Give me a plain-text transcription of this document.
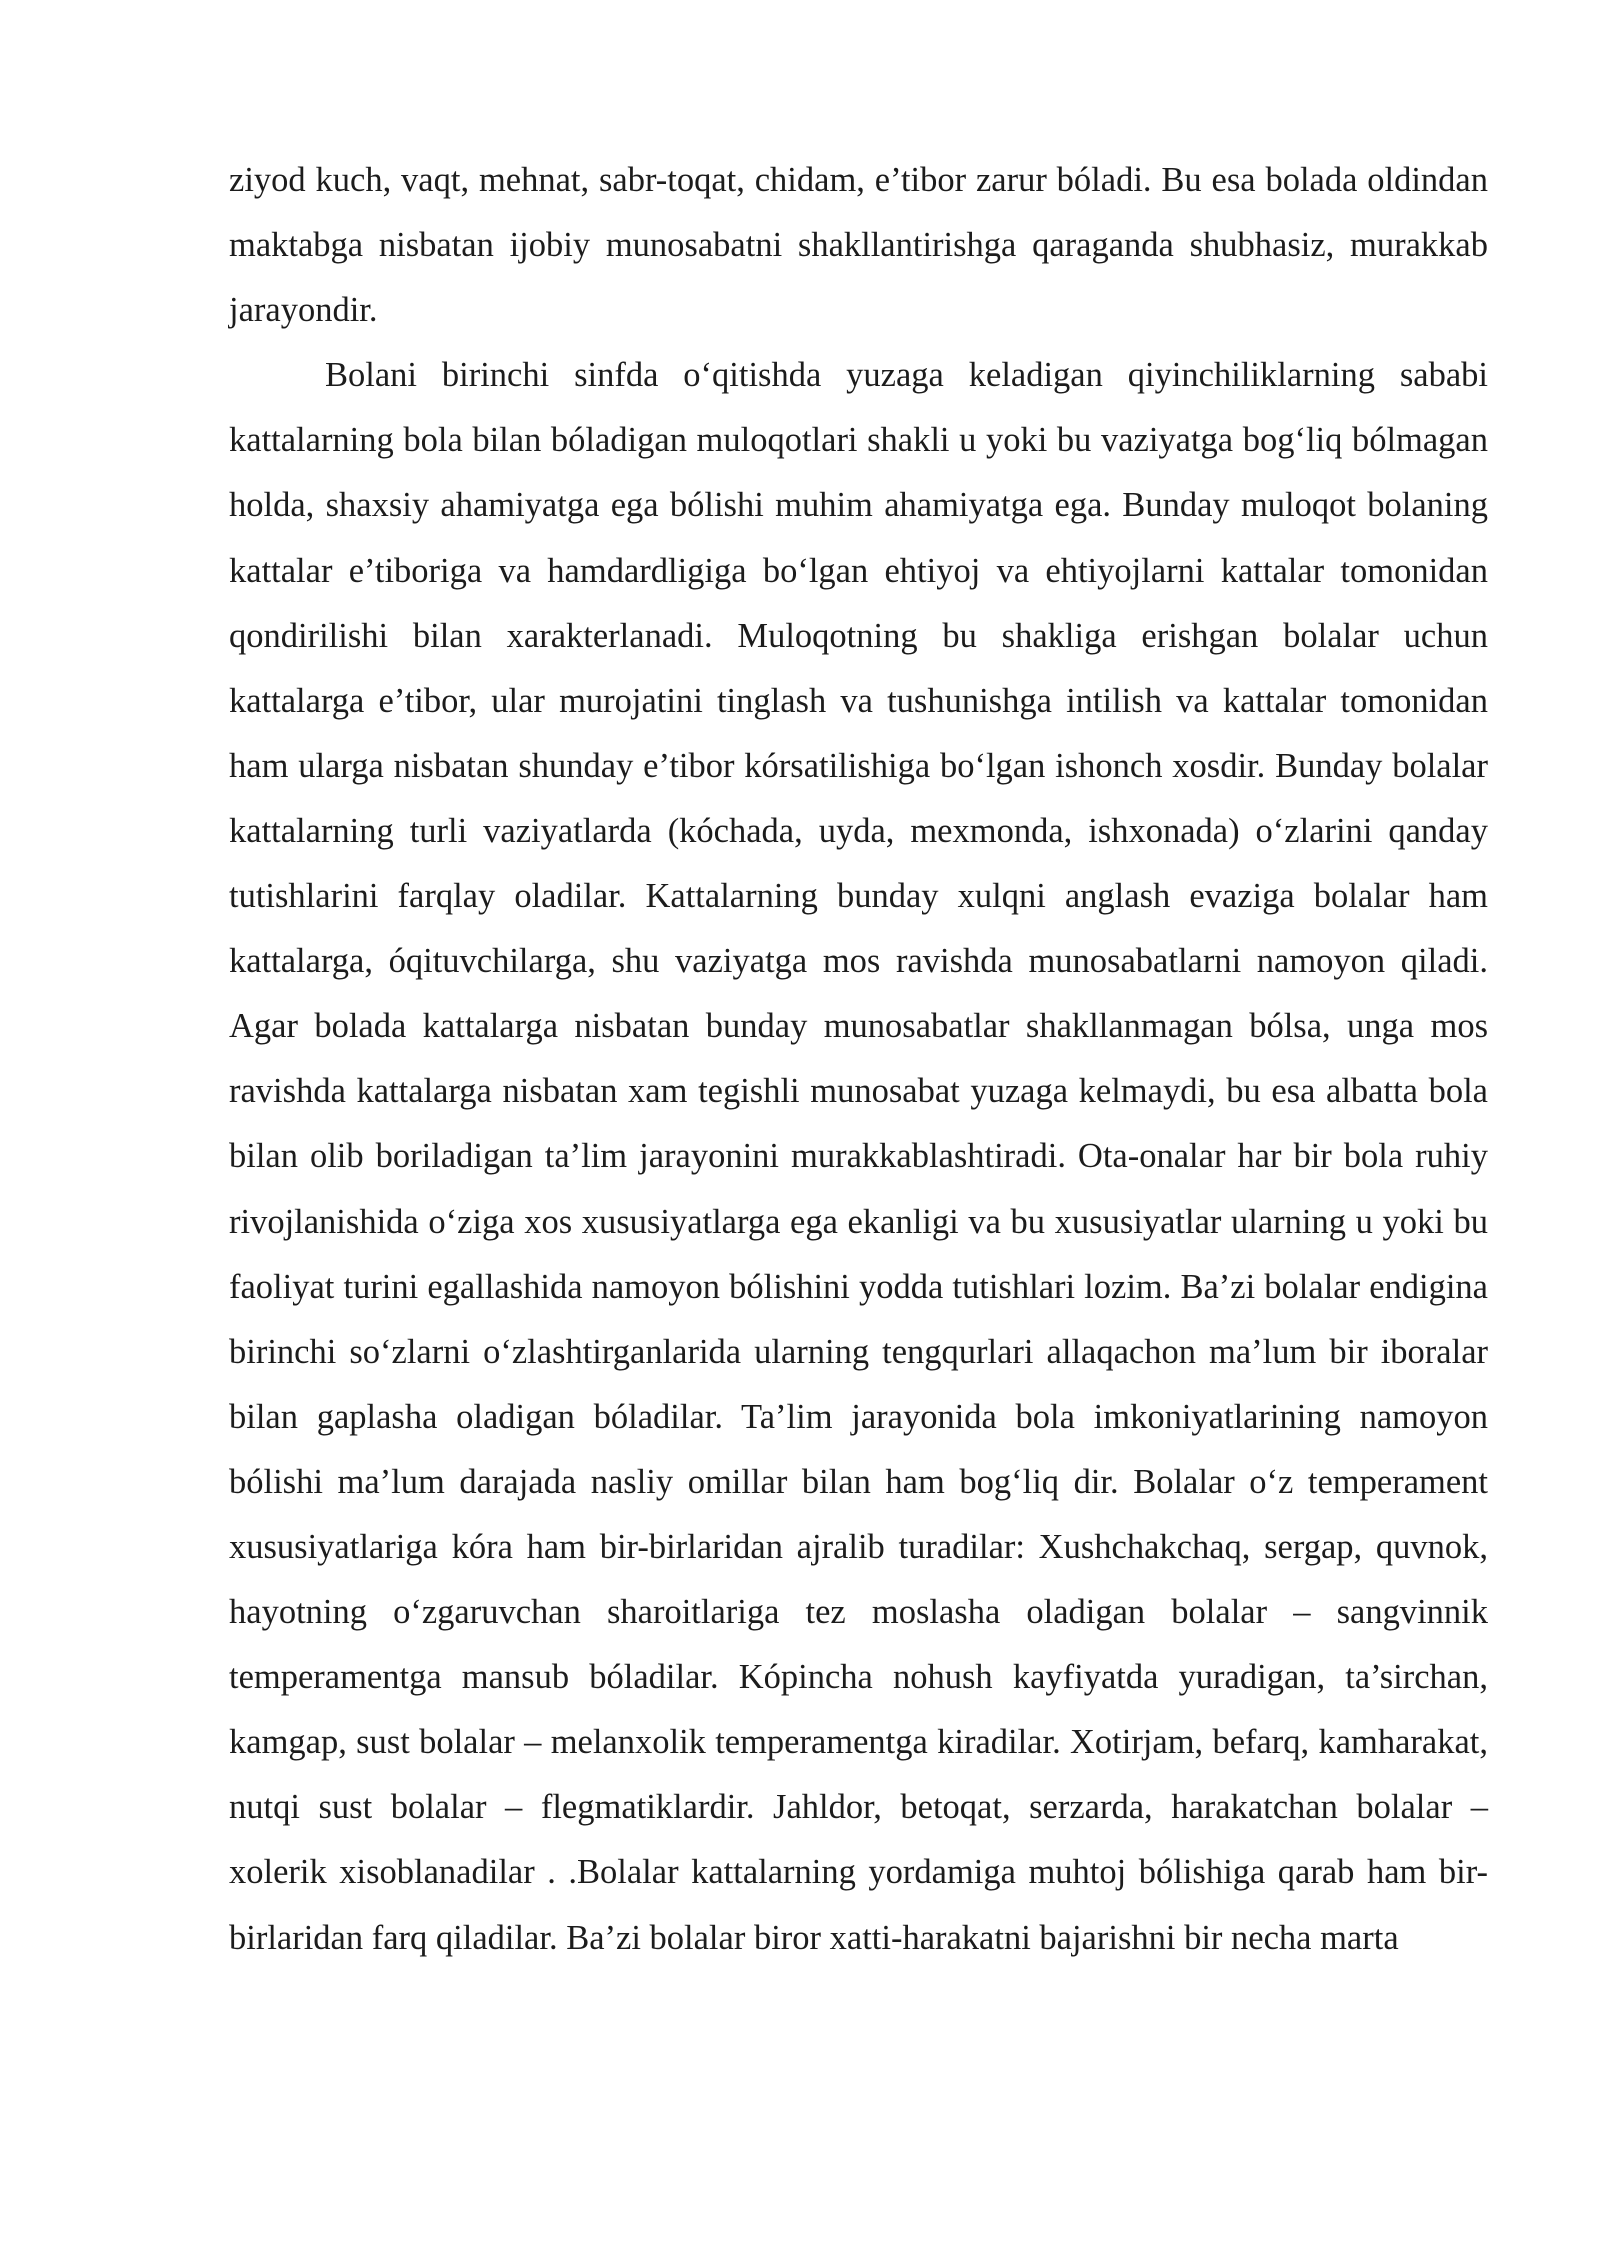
ziyod kuch, vaqt, mehnat, sabr-toqat, chidam, e’tibor zarur bóladi. Bu esa bolada oldindan maktabga nisbatan ijobiy munosabatni shakllantirishga qaraganda shubhasiz, murakkab jarayondir.

Bolani birinchi sinfda o‘qitishda yuzaga keladigan qiyinchiliklarning sababi kattalarning bola bilan bóladigan muloqotlari shakli u yoki bu vaziyatga bog‘liq bólmagan holda, shaxsiy ahamiyatga ega bólishi muhim ahamiyatga ega. Bunday muloqot bolaning kattalar e’tiboriga va hamdardligiga bo‘lgan ehtiyoj va ehtiyojlarni kattalar tomonidan qondirilishi bilan xarakterlanadi. Muloqotning bu shakliga erishgan bolalar uchun kattalarga e’tibor, ular murojatini tinglash va tushunishga intilish va kattalar tomonidan ham ularga nisbatan shunday e’tibor kórsatilishiga bo‘lgan ishonch xosdir. Bunday bolalar kattalarning turli vaziyatlarda (kóchada, uyda, mexmonda, ishxonada) o‘zlarini qanday tutishlarini farqlay oladilar. Kattalarning bunday xulqni anglash evaziga bolalar ham kattalarga, óqituvchilarga, shu vaziyatga mos ravishda munosabatlarni namoyon qiladi. Agar bolada kattalarga nisbatan bunday munosabatlar shakllanmagan bólsa, unga mos ravishda kattalarga nisbatan xam tegishli munosabat yuzaga kelmaydi, bu esa albatta bola bilan olib boriladigan ta’lim jarayonini murakkablashtiradi. Ota-onalar har bir bola ruhiy rivojlanishida o‘ziga xos xususiyatlarga ega ekanligi va bu xususiyatlar ularning u yoki bu faoliyat turini egallashida namoyon bólishini yodda tutishlari lozim. Ba’zi bolalar endigina birinchi so‘zlarni o‘zlashtirganlarida ularning tengqurlari allaqachon ma’lum bir iboralar bilan gaplasha oladigan bóladilar. Ta’lim jarayonida bola imkoniyatlarining namoyon bólishi ma’lum darajada nasliy omillar bilan ham bog‘liq dir. Bolalar o‘z temperament xususiyatlariga kóra ham bir-birlaridan ajralib turadilar: Xushchakchaq, sergap, quvnok, hayotning o‘zgaruvchan sharoitlariga tez moslasha oladigan bolalar – sangvinnik temperamentga mansub bóladilar. Kópincha nohush kayfiyatda yuradigan, ta’sirchan, kamgap, sust bolalar – melanxolik temperamentga kiradilar. Xotirjam, befarq, kamharakat, nutqi sust bolalar – flegmatiklardir. Jahldor, betoqat, serzarda, harakatchan bolalar – xolerik xisoblanadilar . .Bolalar kattalarning yordamiga muhtoj bólishiga qarab ham bir-birlaridan farq qiladilar. Ba’zi bolalar biror xatti-harakatni bajarishni bir necha marta
